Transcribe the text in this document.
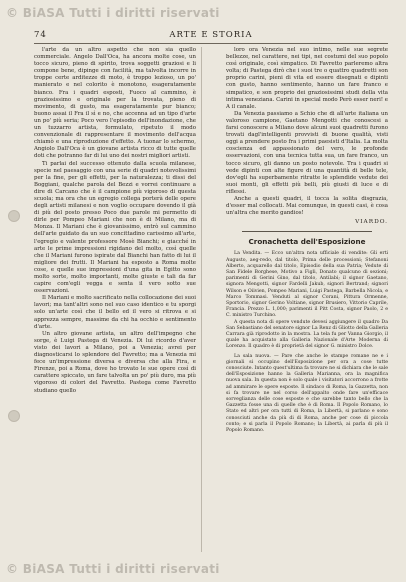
© BiASA Tutti i diritti riservati
© BiASA Tutti i diritti riservati
74	ARTE E STORIA

l'arte da un altro aspetto che non sia quello commerciale. Angelo Dall'Oca, ha ancora molte cose, un tocco sicuro, pieno di spirito, trova soggetti graziosi e li compone bene, dipinge con facilità, ma talvolta incorre in troppe certe arditezze di moto, è troppo lezioso, un po' manierato e nel colorito è monotono, esageratamente bianco. Fra i quadri esposti, Fuoco al cammino, è graziosissimo e originale per la trovata, pieno di movimento, di gusto, ma esageratamente pur bianco; buono assai il Fra il sì e no, che accenna ad un tipo d'arte un po' più seria; Poco vero l'episodio dell'inondazione, che un tuzzarro artista, formulato, ripetuto il modo convenzionale di rappresentare il movimento dell'acqua chiamò e una riproduzione d'effetto. A tuonar lo schermo, Angiolo Dall'Oca è un giovane artista ricco di tutte quelle doti che potranno far di lui uno dei nostri migliori artisti.

Ti parlai del successo ottenuto dalla scuola milanese, specie nel paesaggio con una serie di quadri notevolissimi per la fine, per gli effetti, per la naturalezza; ti dissi del Boggiani, qualche parola del Bezzi e vorrei continuare a dire di Carcano che è il campione più vigoroso di questa scuola; ma ora che un egregio collega porterà delle opere degli artisti milanesi e non voglio occupare dovendo il già di più del posto presso Poco due parole mi permetto di dirle per Pompeo Mariani che non è di Milano, ma di Monza. Il Mariani che è giovanissimo, entrò sul cammino dell'arte guidato da un suo concittadino carissimo all'arte, l'egregio e valente professore Mosè Bianchi; e giacché in arte le prime impressioni rigidano del molto, così quelle che il Mariani furono ispirate dal Bianchi han fatto di lui il migliore dei frutti. Il Mariani ha esposto a Roma molte cose, e quelle sue impressioni d'una gita in Egitto sono molto sorte, molto importanti, molte giuste e tali da far capire com'egli vegga e senta il vero sotto sue osservazioni.

Il Mariani e molto sacrificato nella collocazione dei suoi lavori; ma tant'altri sono nel suo caso identico e tu sporgi solo un'arte così che il bello ed il vero si ritrova e si apprezza sempre, massime da chi ha occhio e sentimento d'arte.

Un altro giovane artista, un altro dell'impegno che sorge, è Luigi Pastega di Venezia. Di lui ricordo d'aver visto dei lavori a Milano, poi a Venezia; avrei per diagnosticarsi lo splendore del Favretto; ma a Venezia mi fece un'impressione diversa e diversa che alla Fira, e Firenze, poi a Roma, dove ho trovato le sue opere così di carattere spiccato, un fare talvolta un po' più duro, ma più vigoroso di colori del Favretto. Pastega come Favretto studiano quello

loro ora Venezia nel suo intimo, nelle sue segrete bellezze, nel carattere, nei tipi, nei costumi del suo popolo così originale, così simpatico. Di Favretto parleremo altra volta; di Pastega dirò che i suoi tre o quattro quadretti son proprio carini, pieni di vita ed essere disegnati e dipinti con gusto, hanno sentimento, hanno un fare franco e simpatico, e son proprio dei graziosissimi studi della vita intima veneziana. Carini in special modo Però esser neri! e A il canale.

Da Venezia passiamo a Schio che di all'arte italiana un valoroso campione, Gaetano Mengotti che conoscesi a farsi conoscere a Milano dove alcuni suoi quadretti furono trovati dagl'intelligenti provvisti di buone qualità, visti oggi a prendere posto fra i primi paesisti d'Italia. La molta coscienza ed appassionato del vero, le profonde osservazioni, con una tecnica tutta sua, un fare franco, un tocco sicuro, gli danno un posto notevole. Tra i quadri si vede dipinti con alte figure di una quantità di belle tele, dov'egli ha superbamente ritratte le splendide vedute dei suoi monti, gli effetti più belli, più giusti di luce e di riflessi.

Anche a questi quadri, il tocca la solita disgrazia, d'esser mal collocati. Mai comunque, in questi casi, è cosa un'altra che merito gandios!

VIARDO.
Cronachetta dell'Esposizione

La Vendita. — Ecco un'altra nota ufficiale di vendite: Gli erti Augusto, aeg-redo, dal titolo, Prima delle processioni; Stefanoni Alberto, acquarello dal titolo, Episodio della sua Patria; Vedute di San Fidele Borghese, Motivo a Figli, Donato qualcuno di sezioni; parimenti di Gerini Gino, dal titolo, Antilabi; il signor Gaetano, signora Mengotti, signor Fardelli Jakub, signori Bertrand; signori Wilson e Oiivien, Pompeo Mariani, Luigi Pastega, Barbella Nicola, e Marco Tommasi. Venduti al signor Corani, Pittura Ormenne, Sportorio, signor Gerino Voltiane, signor Brusiero, Vittorio Caprile, Francia. Prezzo L. 1,000; parimenti il Pitt Costa, signor Paolo, 2 e C. ministro Turchino.

A questa nota di opere vendute devesi aggiungere il quadro Da San Sebastiano del senatore signor La Renz di Gliotto della Galleria Carrara già riprodotto in la mostra. La tela fu per Vanna Giorgio, il quale ha acquistato alla Galleria Nazionale d'Arte Moderna di Lorenzo. Il quadro è di proprietà del signor G. ministro Dolce.

La sala nuova. — Pare che anche le stampe romane ne e i giornali si occupino dell'Esposizione per ora a cose tutte conosciute. Intanto quest'ultima fa trovare ne si dichiara che le sale dell'Esposizione hanno la Galleria Marianna, ora la magnifica nuova sala. In questa non è solo quale i visitatori accorrono a frotte ad ammirare le opere esposte. Il sindaco di Roma, la Gazzetta, non si fa trovare ne nel corso dell'appalto onde fare un'efficace sorveglianza delle cose esposte e che sarebbe tanto bello che la Gazzetta fosse una di quelle che è di Roma. Il Popolo Romano, lo Stato ed altri per ora tutti di Roma, la Libertà, si parlano e sono conosciuti anche da più di di Roma, anche per cose di piccola conto; e si parla il Popolo Romano; la Libertà, ai parla di più il Popolo Romano.
